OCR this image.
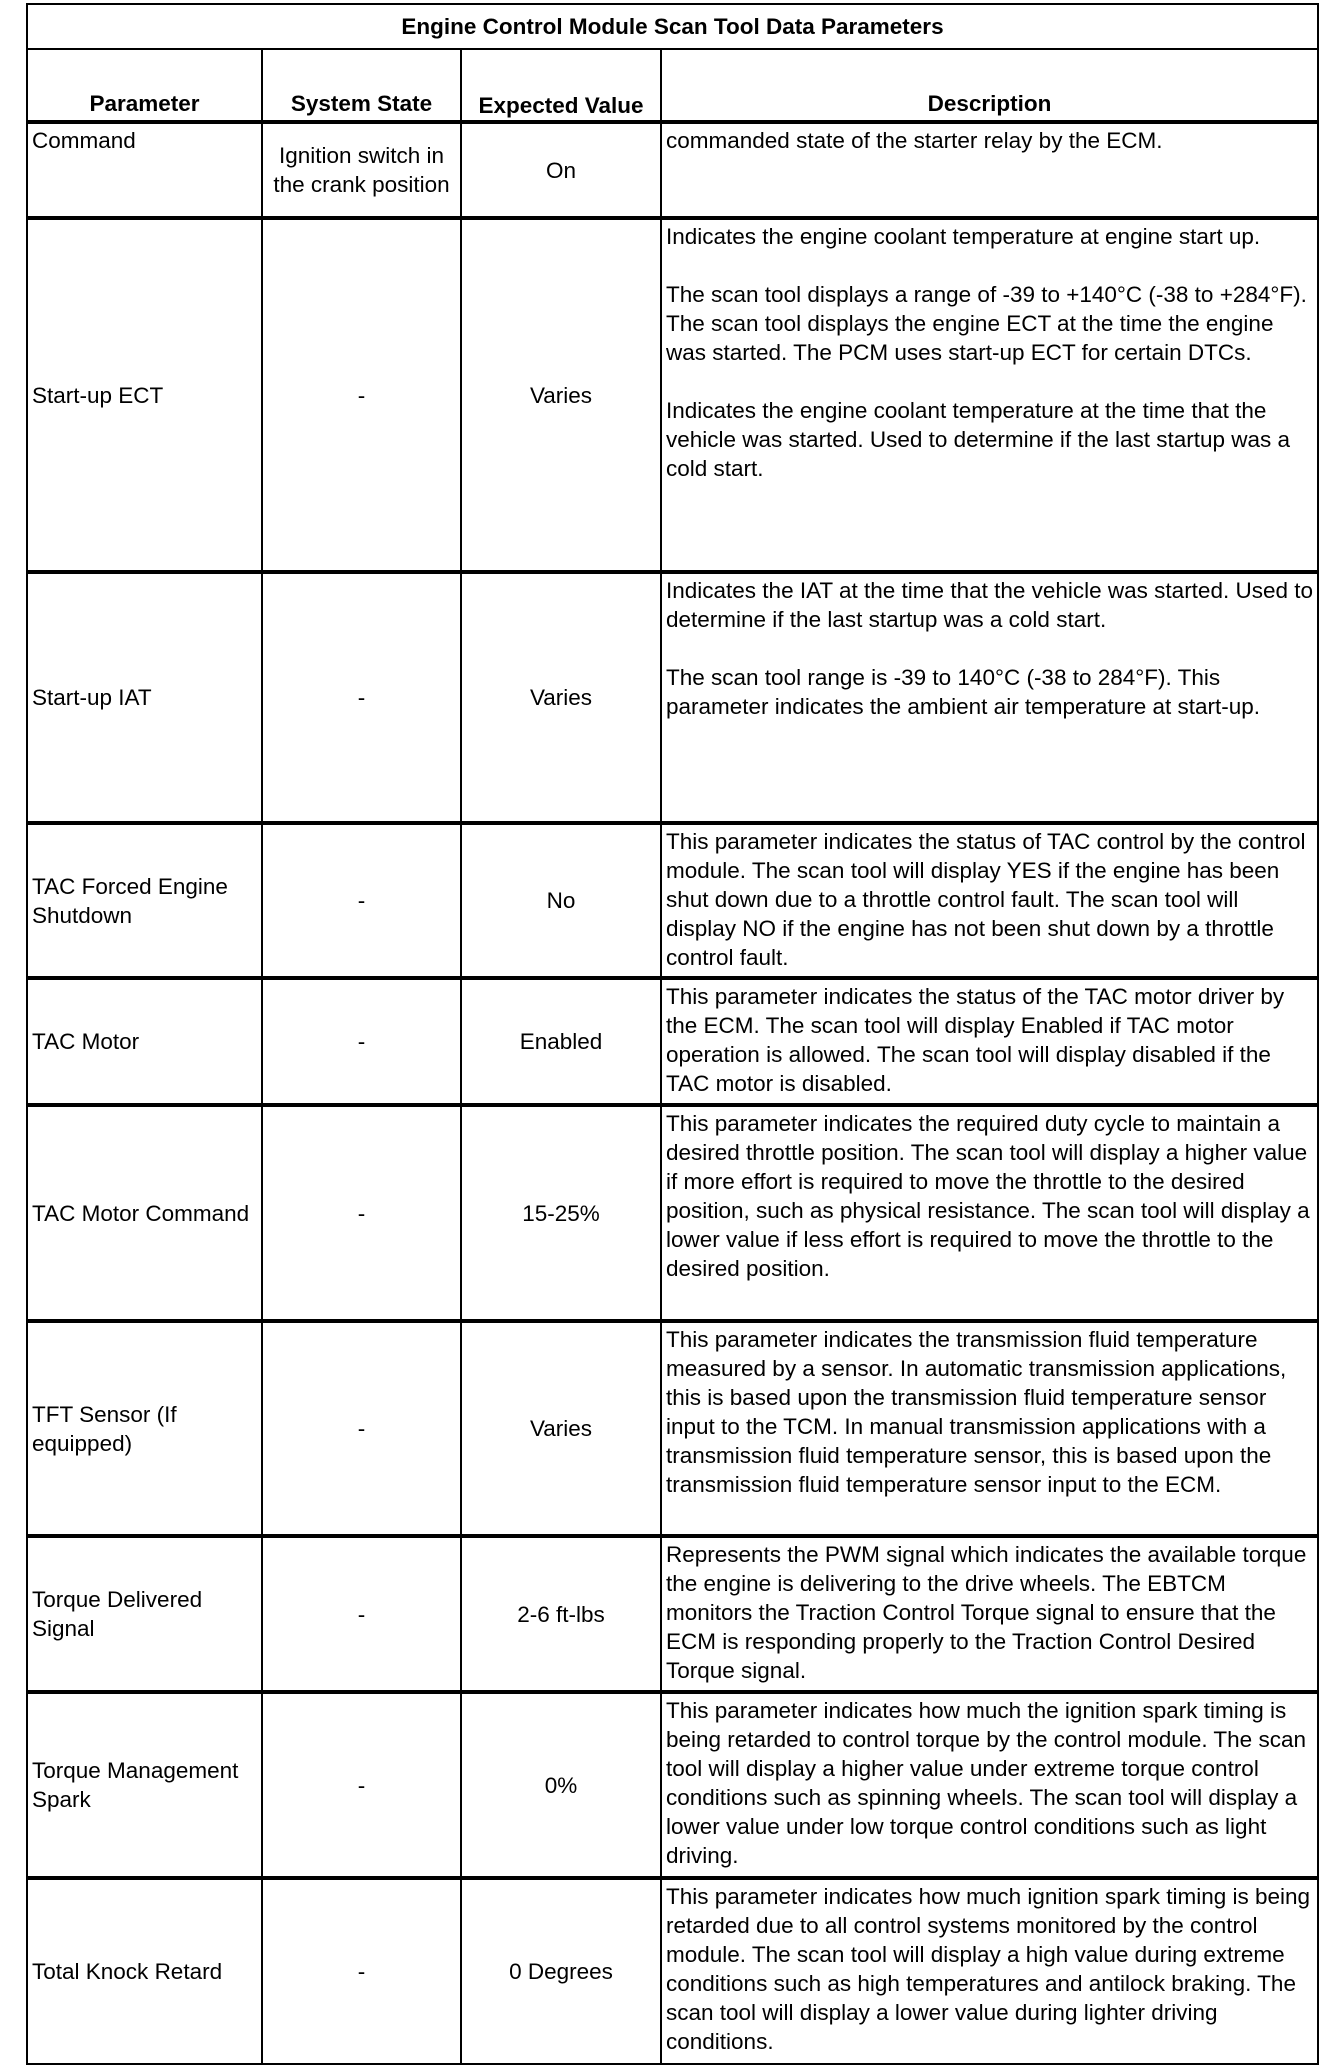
Engine Control Module Scan Tool Data Parameters			
Parameter	System State	Expected Value	Description
Command	Ignition switch in the crank position	On	commanded state of the starter relay by the ECM.

Start-up ECT	-	Varies	Indicates the engine coolant temperature at engine start up.

The scan tool displays a range of -39 to +140°C (-38 to +284°F). The scan tool displays the engine ECT at the time the engine was started. The PCM uses start-up ECT for certain DTCs.

Indicates the engine coolant temperature at the time that the vehicle was started. Used to determine if the last startup was a cold start.

Start-up IAT	-	Varies	Indicates the IAT at the time that the vehicle was started. Used to determine if the last startup was a cold start.

The scan tool range is -39 to 140°C (-38 to 284°F). This parameter indicates the ambient air temperature at start-up.

TAC Forced Engine Shutdown	-	No	This parameter indicates the status of TAC control by the control module. The scan tool will display YES if the engine has been shut down due to a throttle control fault. The scan tool will display NO if the engine has not been shut down by a throttle control fault.

TAC Motor	-	Enabled	This parameter indicates the status of the TAC motor driver by the ECM. The scan tool will display Enabled if TAC motor operation is allowed. The scan tool will display disabled if the TAC motor is disabled.

TAC Motor Command	-	15-25%	This parameter indicates the required duty cycle to maintain a desired throttle position. The scan tool will display a higher value if more effort is required to move the throttle to the desired position, such as physical resistance. The scan tool will display a lower value if less effort is required to move the throttle to the desired position.

TFT Sensor (If equipped)	-	Varies	This parameter indicates the transmission fluid temperature measured by a sensor. In automatic transmission applications, this is based upon the transmission fluid temperature sensor input to the TCM. In manual transmission applications with a transmission fluid temperature sensor, this is based upon the transmission fluid temperature sensor input to the ECM.

Torque Delivered Signal	-	2-6 ft-lbs	Represents the PWM signal which indicates the available torque the engine is delivering to the drive wheels. The EBTCM monitors the Traction Control Torque signal to ensure that the ECM is responding properly to the Traction Control Desired Torque signal.

Torque Management Spark	-	0%	This parameter indicates how much the ignition spark timing is being retarded to control torque by the control module. The scan tool will display a higher value under extreme torque control conditions such as spinning wheels. The scan tool will display a lower value under low torque control conditions such as light driving.

Total Knock Retard	-	0 Degrees	This parameter indicates how much ignition spark timing is being retarded due to all control systems monitored by the control module. The scan tool will display a high value during extreme conditions such as high temperatures and antilock braking. The scan tool will display a lower value during lighter driving conditions.
